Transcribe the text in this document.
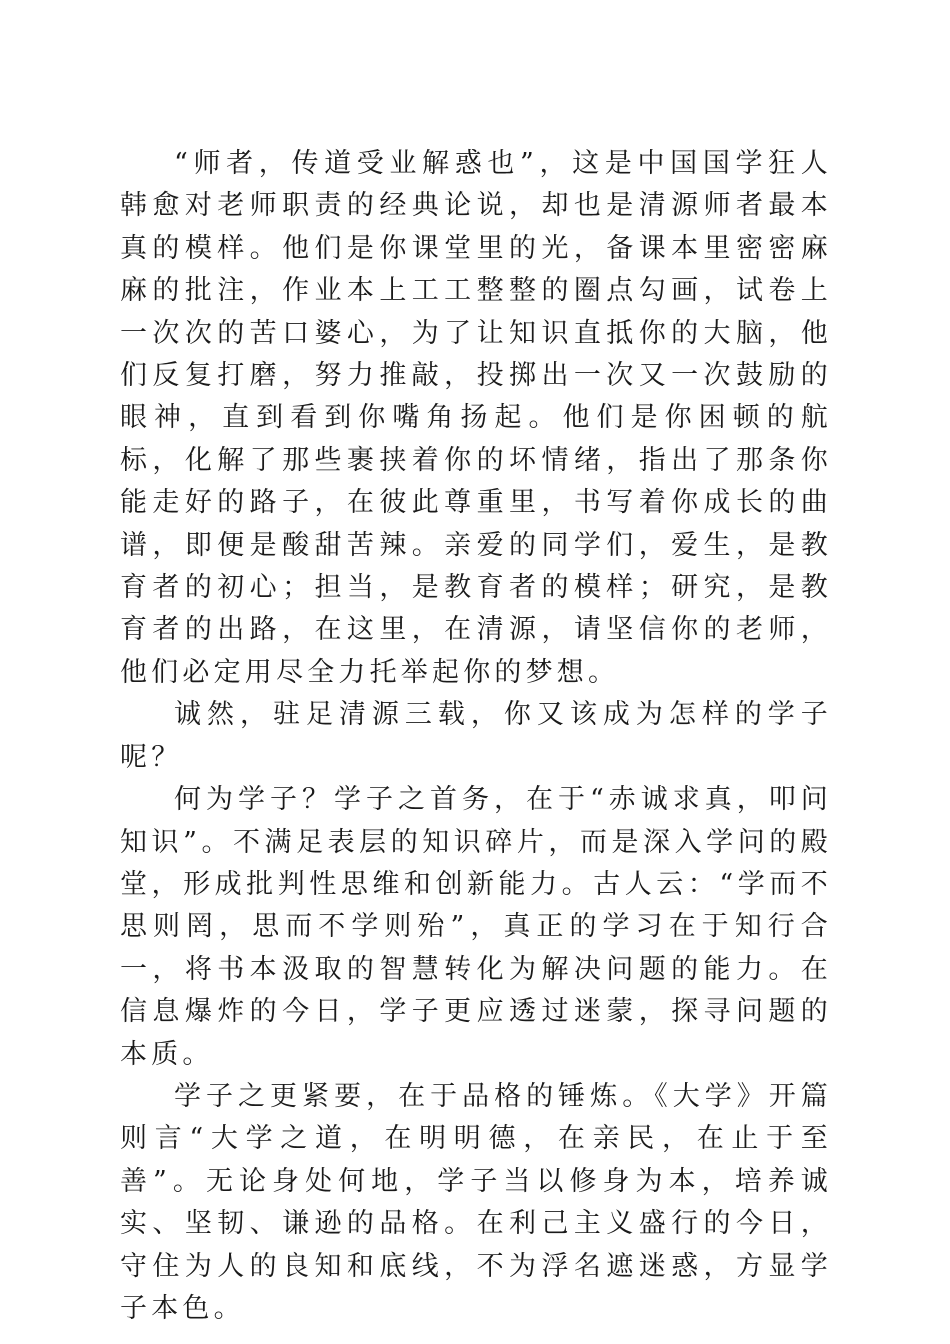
“师者，传道受业解惑也”，这是中国国学狂人韩愈对老师职责的经典论说，却也是清源师者最本真的模样。他们是你课堂里的光，备课本里密密麻麻的批注，作业本上工工整整的圈点勾画，试卷上一次次的苦口婆心，为了让知识直抵你的大脑，他们反复打磨，努力推敲，投掷出一次又一次鼓励的眼神，直到看到你嘴角扬起。他们是你困顿的航标，化解了那些裹挟着你的坏情绪，指出了那条你能走好的路子，在彼此尊重里，书写着你成长的曲谱，即便是酸甜苦辣。亲爱的同学们，爱生，是教育者的初心；担当，是教育者的模样；研究，是教育者的出路，在这里，在清源，请坚信你的老师，他们必定用尽全力托举起你的梦想。

诚然，驻足清源三载，你又该成为怎样的学子呢？

何为学子？学子之首务，在于“赤诚求真，叩问知识”。不满足表层的知识碎片，而是深入学问的殿堂，形成批判性思维和创新能力。古人云：“学而不思则罔，思而不学则殆”，真正的学习在于知行合一，将书本汲取的智慧转化为解决问题的能力。在信息爆炸的今日，学子更应透过迷蒙，探寻问题的本质。

学子之更紧要，在于品格的锤炼。《大学》开篇则言“大学之道，在明明德，在亲民，在止于至善”。无论身处何地，学子当以修身为本，培养诚实、坚韧、谦逊的品格。在利己主义盛行的今日，守住为人的良知和底线，不为浮名遮迷惑，方显学子本色。
